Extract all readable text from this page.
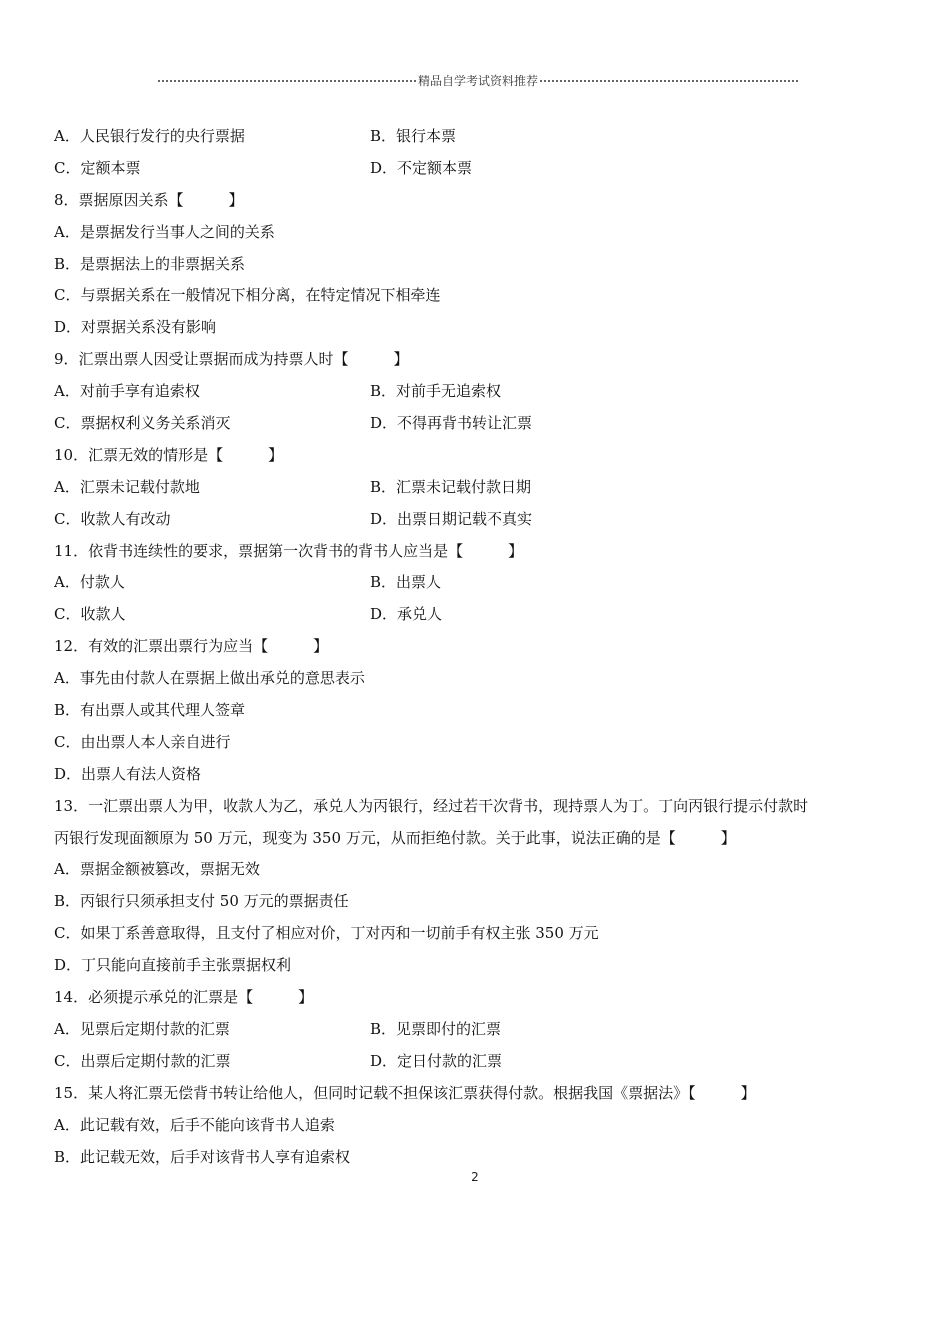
精品自学考试资料推荐
A．人民银行发行的央行票据	B．银行本票
C．定额本票	D．不定额本票
8．票据原因关系【　　　】
A．是票据发行当事人之间的关系
B．是票据法上的非票据关系
C．与票据关系在一般情况下相分离，在特定情况下相牵连
D．对票据关系没有影响
9．汇票出票人因受让票据而成为持票人时【　　　】
A．对前手享有追索权	B．对前手无追索权
C．票据权利义务关系消灭	D．不得再背书转让汇票
10．汇票无效的情形是【　　　】
A．汇票未记载付款地	B．汇票未记载付款日期
C．收款人有改动	D．出票日期记载不真实
11．依背书连续性的要求，票据第一次背书的背书人应当是【　　　】
A．付款人	B．出票人
C．收款人	D．承兑人
12．有效的汇票出票行为应当【　　　】
A．事先由付款人在票据上做出承兑的意思表示
B．有出票人或其代理人签章
C．由出票人本人亲自进行
D．出票人有法人资格
13．一汇票出票人为甲，收款人为乙，承兑人为丙银行，经过若干次背书，现持票人为丁。丁向丙银行提示付款时
丙银行发现面额原为 50 万元，现变为 350 万元，从而拒绝付款。关于此事，说法正确的是【　　　】
A．票据金额被篡改，票据无效
B．丙银行只须承担支付 50 万元的票据责任
C．如果丁系善意取得，且支付了相应对价，丁对丙和一切前手有权主张 350 万元
D．丁只能向直接前手主张票据权利
14．必须提示承兑的汇票是【　　　】
A．见票后定期付款的汇票	B．见票即付的汇票
C．出票后定期付款的汇票	D．定日付款的汇票
15．某人将汇票无偿背书转让给他人，但同时记载不担保该汇票获得付款。根据我国《票据法》【　　　】
A．此记载有效，后手不能向该背书人追索
B．此记载无效，后手对该背书人享有追索权
2
